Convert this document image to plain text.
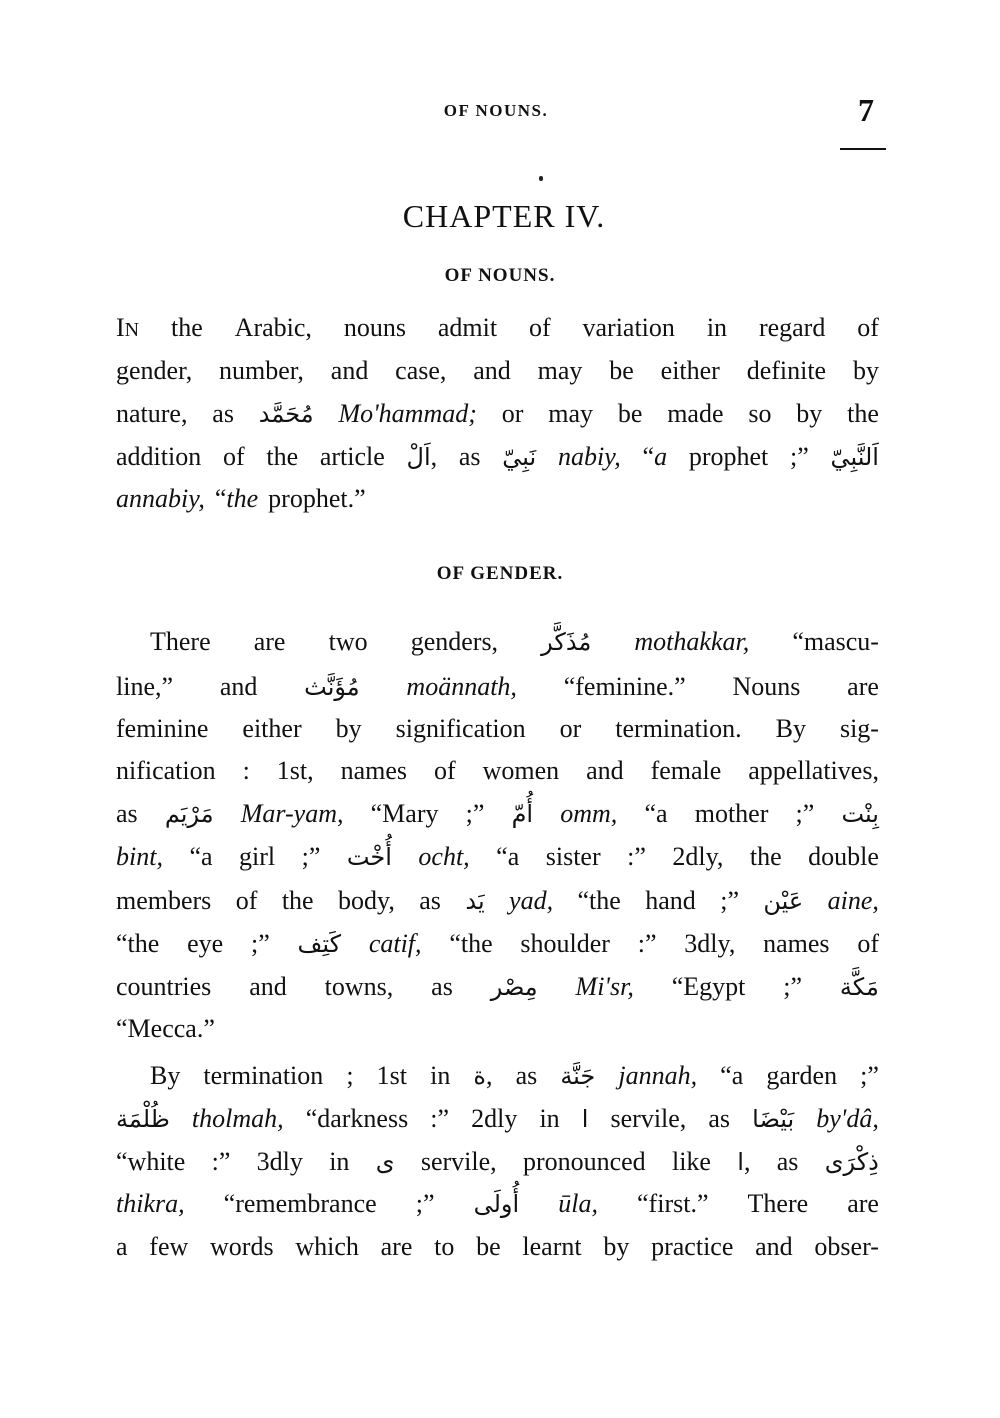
OF NOUNS.	7
CHAPTER IV.
OF NOUNS.
OF GENDER.
IN the Arabic, nouns admit of variation in regard of
gender, number, and case, and may be either definite by
nature, as مُحَمَّد Mo'hammad; or may be made so by the
addition of the article اَلْ, as نَبِيّ nabiy, “a prophet ;” اَلنَّبِيّ
annabiy, “the prophet.”
There are two genders, مُذَكَّر mothakkar, “mascu-
line,” and مُؤَنَّث moännath, “feminine.” Nouns are
feminine either by signification or termination. By sig-
nification : 1st, names of women and female appellatives,
as مَرْيَم Mar-yam, “Mary ;” أُمّ omm, “a mother ;” بِنْت
bint, “a girl ;” أُخْت ocht, “a sister :” 2dly, the double
members of the body, as يَد yad, “the hand ;” عَيْن aine,
“the eye ;” كَتِف catif, “the shoulder :” 3dly, names of
countries and towns, as مِصْر Mi'sr, “Egypt ;” مَكَّة
“Mecca.”
By termination ; 1st in ة, as جَنَّة jannah, “a garden ;”
ظُلْمَة tholmah, “darkness :” 2dly in ا servile, as بَيْضَا by'dâ,
“white :” 3dly in ى servile, pronounced like ا, as ذِكْرَى
thikra, “remembrance ;” أُولَى ūla, “first.” There are
a few words which are to be learnt by practice and obser-
